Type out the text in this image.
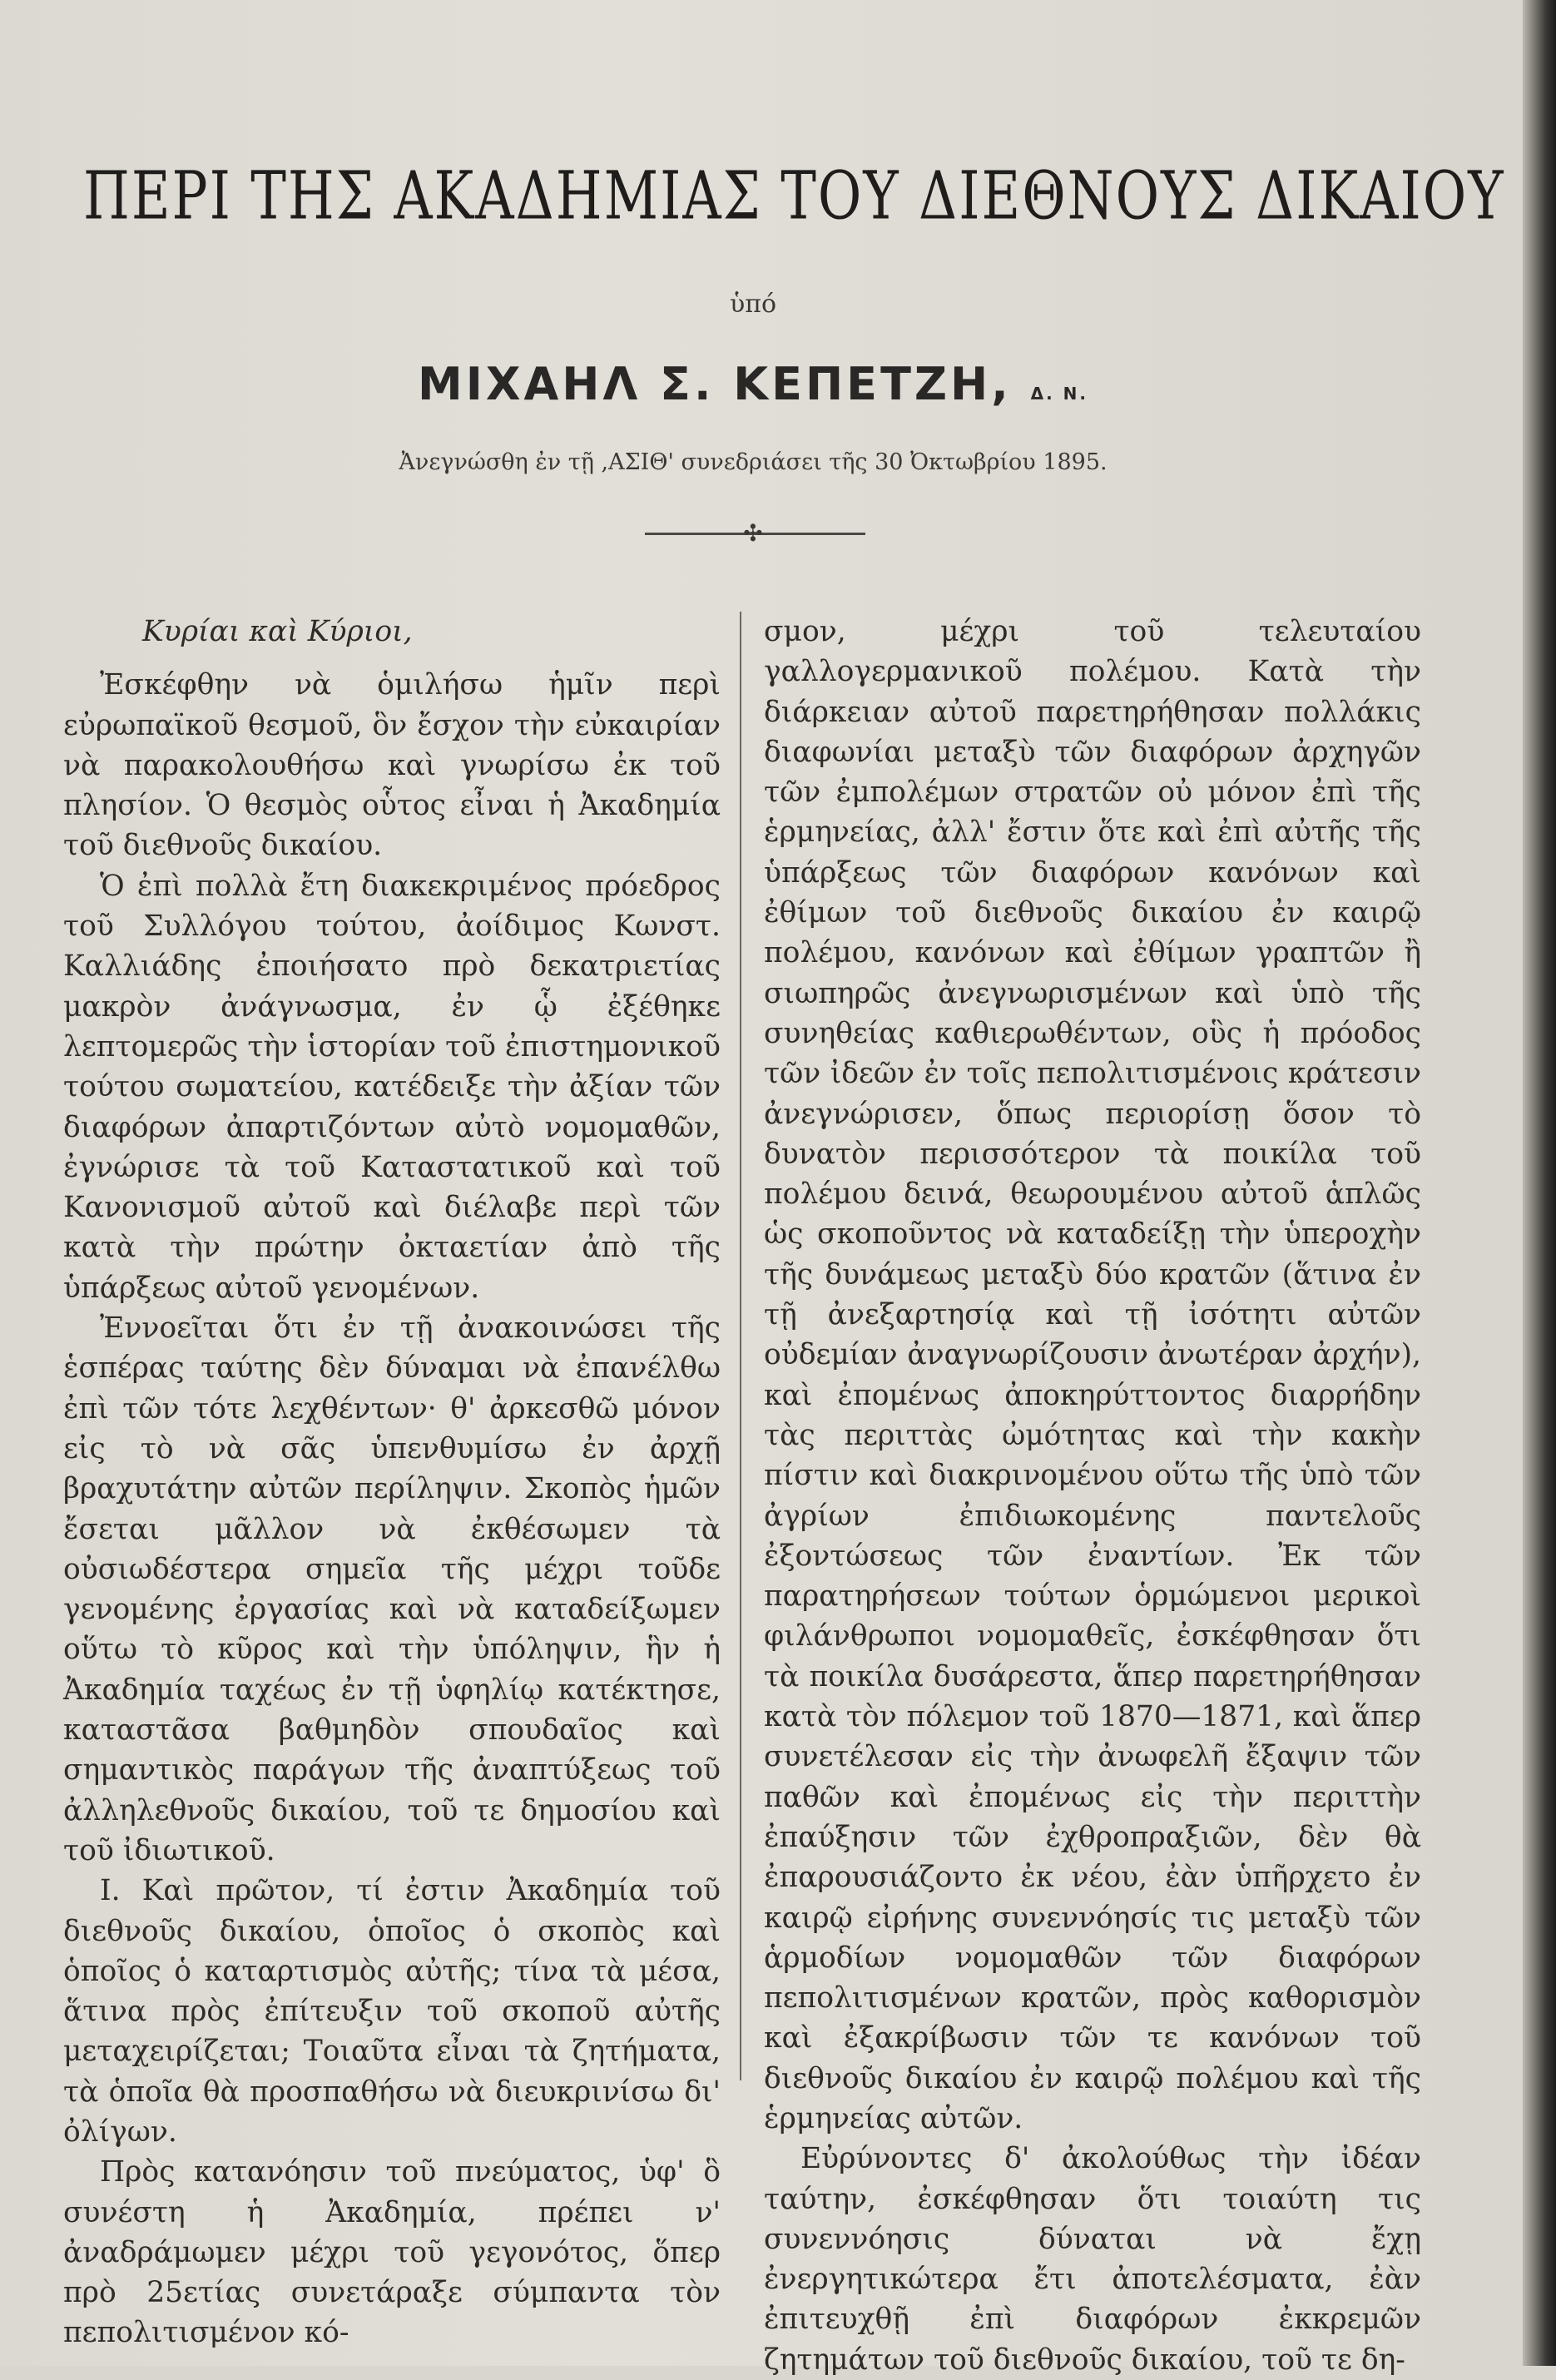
ΠΕΡΙ ΤΗΣ ΑΚΑΔΗΜΙΑΣ ΤΟΥ ΔΙΕΘΝΟΥΣ ΔΙΚΑΙΟΥ
ὑπό
ΜΙΧΑΗΛ Σ. ΚΕΠΕΤΖΗ, Δ. Ν.
Ἀνεγνώσθη ἐν τῇ ,ΑΣΙΘ' συνεδριάσει τῆς 30 Ὀκτωβρίου 1895.
✣

Κυρίαι καὶ Κύριοι,

Ἐσκέφθην νὰ ὁμιλήσω ἡμῖν περὶ εὐρωπαϊκοῦ θεσμοῦ, ὃν ἔσχον τὴν εὐκαιρίαν νὰ παρακολουθήσω καὶ γνωρίσω ἐκ τοῦ πλησίον. Ὁ θεσμὸς οὗτος εἶναι ἡ Ἀκαδημία τοῦ διεθνοῦς δικαίου.

Ὁ ἐπὶ πολλὰ ἔτη διακεκριμένος πρόεδρος τοῦ Συλλόγου τούτου, ἀοίδιμος Κωνστ. Καλλιάδης ἐποιήσατο πρὸ δεκατριετίας μακρὸν ἀνάγνωσμα, ἐν ᾧ ἐξέθηκε λεπτομερῶς τὴν ἱστορίαν τοῦ ἐπιστημονικοῦ τούτου σωματείου, κατέδειξε τὴν ἀξίαν τῶν διαφόρων ἀπαρτιζόντων αὐτὸ νομομαθῶν, ἐγνώρισε τὰ τοῦ Καταστατικοῦ καὶ τοῦ Κανονισμοῦ αὐτοῦ καὶ διέλαβε περὶ τῶν κατὰ τὴν πρώτην ὀκταετίαν ἀπὸ τῆς ὑπάρξεως αὐτοῦ γενομένων.

Ἐννοεῖται ὅτι ἐν τῇ ἀνακοινώσει τῆς ἑσπέρας ταύτης δὲν δύναμαι νὰ ἐπανέλθω ἐπὶ τῶν τότε λεχθέντων· θ' ἀρκεσθῶ μόνον εἰς τὸ νὰ σᾶς ὑπενθυμίσω ἐν ἀρχῇ βραχυτάτην αὐτῶν περίληψιν. Σκοπὸς ἡμῶν ἔσεται μᾶλλον νὰ ἐκθέσωμεν τὰ οὐσιωδέστερα σημεῖα τῆς μέχρι τοῦδε γενομένης ἐργασίας καὶ νὰ καταδείξωμεν οὕτω τὸ κῦρος καὶ τὴν ὑπόληψιν, ἣν ἡ Ἀκαδημία ταχέως ἐν τῇ ὑφηλίῳ κατέκτησε, καταστᾶσα βαθμηδὸν σπουδαῖος καὶ σημαντικὸς παράγων τῆς ἀναπτύξεως τοῦ ἀλληλεθνοῦς δικαίου, τοῦ τε δημοσίου καὶ τοῦ ἰδιωτικοῦ.

I. Καὶ πρῶτον, τί ἐστιν Ἀκαδημία τοῦ διεθνοῦς δικαίου, ὁποῖος ὁ σκοπὸς καὶ ὁποῖος ὁ καταρτισμὸς αὐτῆς; τίνα τὰ μέσα, ἅτινα πρὸς ἐπίτευξιν τοῦ σκοποῦ αὐτῆς μεταχειρίζεται; Τοιαῦτα εἶναι τὰ ζητήματα, τὰ ὁποῖα θὰ προσπαθήσω νὰ διευκρινίσω δι' ὀλίγων.

Πρὸς κατανόησιν τοῦ πνεύματος, ὑφ' ὃ συνέστη ἡ Ἀκαδημία, πρέπει ν' ἀναδράμωμεν μέχρι τοῦ γεγονότος, ὅπερ πρὸ 25ετίας συνετάραξε σύμπαντα τὸν πεπολιτισμένον κό-

σμον, μέχρι τοῦ τελευταίου γαλλογερμανικοῦ πολέμου. Κατὰ τὴν διάρκειαν αὐτοῦ παρετηρήθησαν πολλάκις διαφωνίαι μεταξὺ τῶν διαφόρων ἀρχηγῶν τῶν ἐμπολέμων στρατῶν οὐ μόνον ἐπὶ τῆς ἑρμηνείας, ἀλλ' ἔστιν ὅτε καὶ ἐπὶ αὐτῆς τῆς ὑπάρξεως τῶν διαφόρων κανόνων καὶ ἐθίμων τοῦ διεθνοῦς δικαίου ἐν καιρῷ πολέμου, κανόνων καὶ ἐθίμων γραπτῶν ἢ σιωπηρῶς ἀνεγνωρισμένων καὶ ὑπὸ τῆς συνηθείας καθιερωθέντων, οὓς ἡ πρόοδος τῶν ἰδεῶν ἐν τοῖς πεπολιτισμένοις κράτεσιν ἀνεγνώρισεν, ὅπως περιορίσῃ ὅσον τὸ δυνατὸν περισσότερον τὰ ποικίλα τοῦ πολέμου δεινά, θεωρουμένου αὐτοῦ ἁπλῶς ὡς σκοποῦντος νὰ καταδείξῃ τὴν ὑπεροχὴν τῆς δυνάμεως μεταξὺ δύο κρατῶν (ἅτινα ἐν τῇ ἀνεξαρτησίᾳ καὶ τῇ ἰσότητι αὐτῶν οὐδεμίαν ἀναγνωρίζουσιν ἀνωτέραν ἀρχήν), καὶ ἐπομένως ἀποκηρύττοντος διαρρήδην τὰς περιττὰς ὠμότητας καὶ τὴν κακὴν πίστιν καὶ διακρινομένου οὕτω τῆς ὑπὸ τῶν ἀγρίων ἐπιδιωκομένης παντελοῦς ἐξοντώσεως τῶν ἐναντίων. Ἐκ τῶν παρατηρήσεων τούτων ὁρμώμενοι μερικοὶ φιλάνθρωποι νομομαθεῖς, ἐσκέφθησαν ὅτι τὰ ποικίλα δυσάρεστα, ἅπερ παρετηρήθησαν κατὰ τὸν πόλεμον τοῦ 1870—1871, καὶ ἅπερ συνετέλεσαν εἰς τὴν ἀνωφελῆ ἔξαψιν τῶν παθῶν καὶ ἐπομένως εἰς τὴν περιττὴν ἐπαύξησιν τῶν ἐχθροπραξιῶν, δὲν θὰ ἐπαρουσιάζοντο ἐκ νέου, ἐὰν ὑπῆρχετο ἐν καιρῷ εἰρήνης συνεννόησίς τις μεταξὺ τῶν ἁρμοδίων νομομαθῶν τῶν διαφόρων πεπολιτισμένων κρατῶν, πρὸς καθορισμὸν καὶ ἐξακρίβωσιν τῶν τε κανόνων τοῦ διεθνοῦς δικαίου ἐν καιρῷ πολέμου καὶ τῆς ἑρμηνείας αὐτῶν.

Εὐρύνοντες δ' ἀκολούθως τὴν ἰδέαν ταύτην, ἐσκέφθησαν ὅτι τοιαύτη τις συνεννόησις δύναται νὰ ἔχῃ ἐνεργητικώτερα ἔτι ἀποτελέσματα, ἐὰν ἐπιτευχθῇ ἐπὶ διαφόρων ἐκκρεμῶν ζητημάτων τοῦ διεθνοῦς δικαίου, τοῦ τε δη-
